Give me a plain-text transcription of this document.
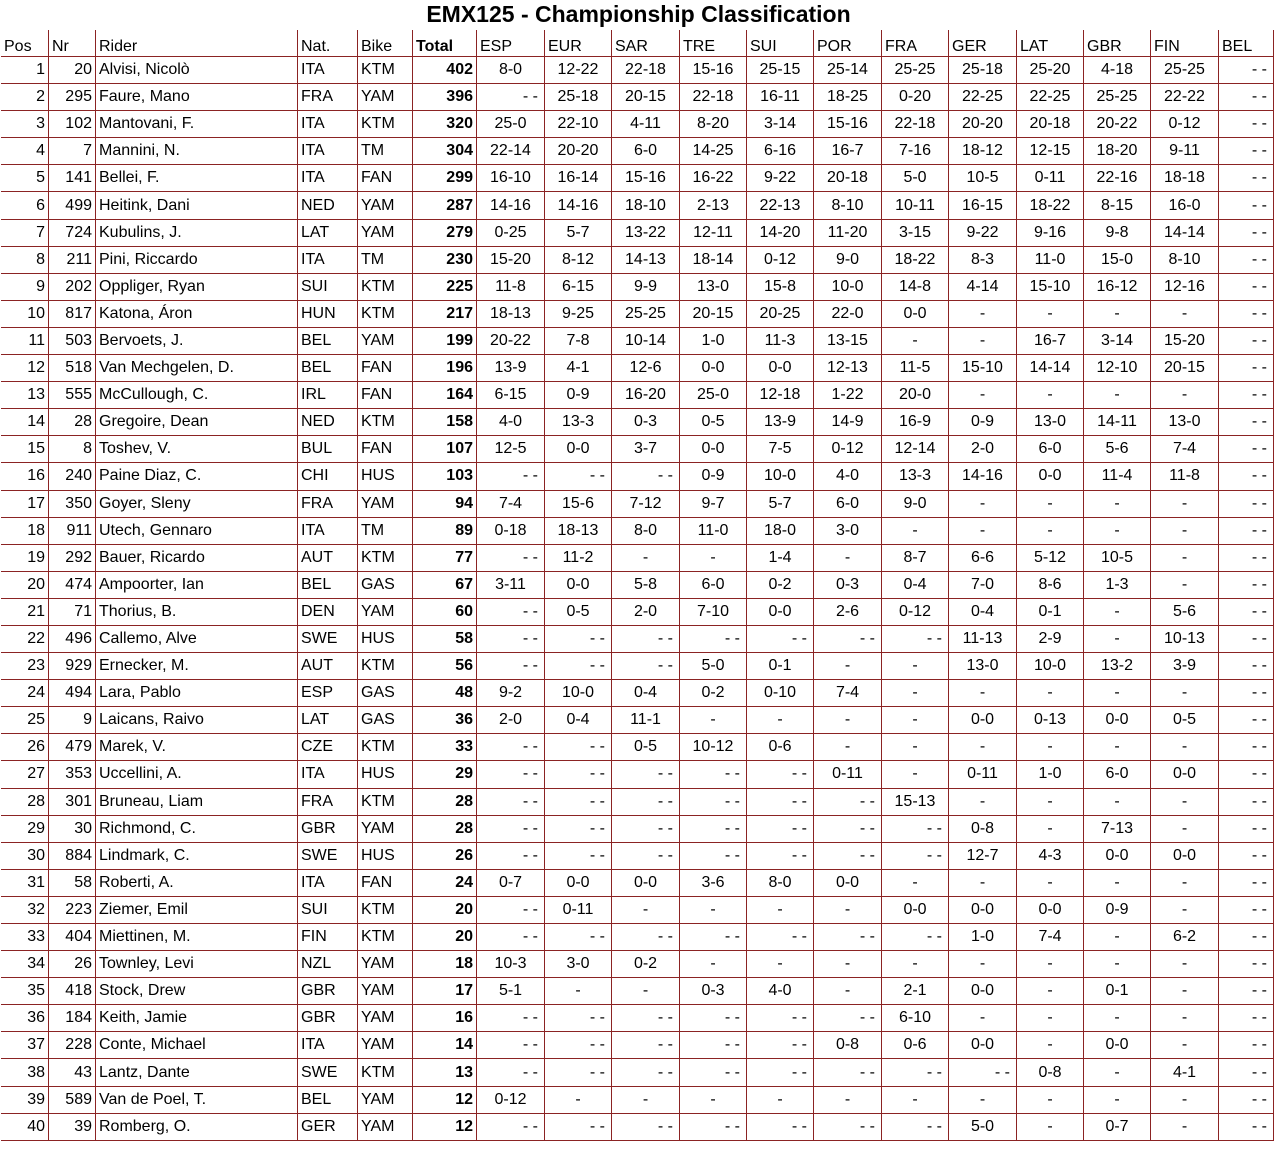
EMX125 - Championship Classification
Pos	Nr	Rider	Nat.	Bike	Total	ESP	EUR	SAR	TRE	SUI	POR	FRA	GER	LAT	GBR	FIN	BEL
1	20	Alvisi, Nicolò	ITA	KTM	402	8-0	12-22	22-18	15-16	25-15	25-14	25-25	25-18	25-20	4-18	25-25	- -
2	295	Faure, Mano	FRA	YAM	396	- -	25-18	20-15	22-18	16-11	18-25	0-20	22-25	22-25	25-25	22-22	- -
3	102	Mantovani, F.	ITA	KTM	320	25-0	22-10	4-11	8-20	3-14	15-16	22-18	20-20	20-18	20-22	0-12	- -
4	7	Mannini, N.	ITA	TM	304	22-14	20-20	6-0	14-25	6-16	16-7	7-16	18-12	12-15	18-20	9-11	- -
5	141	Bellei, F.	ITA	FAN	299	16-10	16-14	15-16	16-22	9-22	20-18	5-0	10-5	0-11	22-16	18-18	- -
6	499	Heitink, Dani	NED	YAM	287	14-16	14-16	18-10	2-13	22-13	8-10	10-11	16-15	18-22	8-15	16-0	- -
7	724	Kubulins, J.	LAT	YAM	279	0-25	5-7	13-22	12-11	14-20	11-20	3-15	9-22	9-16	9-8	14-14	- -
8	211	Pini, Riccardo	ITA	TM	230	15-20	8-12	14-13	18-14	0-12	9-0	18-22	8-3	11-0	15-0	8-10	- -
9	202	Oppliger, Ryan	SUI	KTM	225	11-8	6-15	9-9	13-0	15-8	10-0	14-8	4-14	15-10	16-12	12-16	- -
10	817	Katona, Áron	HUN	KTM	217	18-13	9-25	25-25	20-15	20-25	22-0	0-0	-	-	-	-	- -
11	503	Bervoets, J.	BEL	YAM	199	20-22	7-8	10-14	1-0	11-3	13-15	-	-	16-7	3-14	15-20	- -
12	518	Van Mechgelen, D.	BEL	FAN	196	13-9	4-1	12-6	0-0	0-0	12-13	11-5	15-10	14-14	12-10	20-15	- -
13	555	McCullough, C.	IRL	FAN	164	6-15	0-9	16-20	25-0	12-18	1-22	20-0	-	-	-	-	- -
14	28	Gregoire, Dean	NED	KTM	158	4-0	13-3	0-3	0-5	13-9	14-9	16-9	0-9	13-0	14-11	13-0	- -
15	8	Toshev, V.	BUL	FAN	107	12-5	0-0	3-7	0-0	7-5	0-12	12-14	2-0	6-0	5-6	7-4	- -
16	240	Paine Diaz, C.	CHI	HUS	103	- -	- -	- -	0-9	10-0	4-0	13-3	14-16	0-0	11-4	11-8	- -
17	350	Goyer, Sleny	FRA	YAM	94	7-4	15-6	7-12	9-7	5-7	6-0	9-0	-	-	-	-	- -
18	911	Utech, Gennaro	ITA	TM	89	0-18	18-13	8-0	11-0	18-0	3-0	-	-	-	-	-	- -
19	292	Bauer, Ricardo	AUT	KTM	77	- -	11-2	-	-	1-4	-	8-7	6-6	5-12	10-5	-	- -
20	474	Ampoorter, Ian	BEL	GAS	67	3-11	0-0	5-8	6-0	0-2	0-3	0-4	7-0	8-6	1-3	-	- -
21	71	Thorius, B.	DEN	YAM	60	- -	0-5	2-0	7-10	0-0	2-6	0-12	0-4	0-1	-	5-6	- -
22	496	Callemo, Alve	SWE	HUS	58	- -	- -	- -	- -	- -	- -	- -	11-13	2-9	-	10-13	- -
23	929	Ernecker, M.	AUT	KTM	56	- -	- -	- -	5-0	0-1	-	-	13-0	10-0	13-2	3-9	- -
24	494	Lara, Pablo	ESP	GAS	48	9-2	10-0	0-4	0-2	0-10	7-4	-	-	-	-	-	- -
25	9	Laicans, Raivo	LAT	GAS	36	2-0	0-4	11-1	-	-	-	-	0-0	0-13	0-0	0-5	- -
26	479	Marek, V.	CZE	KTM	33	- -	- -	0-5	10-12	0-6	-	-	-	-	-	-	- -
27	353	Uccellini, A.	ITA	HUS	29	- -	- -	- -	- -	- -	0-11	-	0-11	1-0	6-0	0-0	- -
28	301	Bruneau, Liam	FRA	KTM	28	- -	- -	- -	- -	- -	- -	15-13	-	-	-	-	- -
29	30	Richmond, C.	GBR	YAM	28	- -	- -	- -	- -	- -	- -	- -	0-8	-	7-13	-	- -
30	884	Lindmark, C.	SWE	HUS	26	- -	- -	- -	- -	- -	- -	- -	12-7	4-3	0-0	0-0	- -
31	58	Roberti, A.	ITA	FAN	24	0-7	0-0	0-0	3-6	8-0	0-0	-	-	-	-	-	- -
32	223	Ziemer, Emil	SUI	KTM	20	- -	0-11	-	-	-	-	0-0	0-0	0-0	0-9	-	- -
33	404	Miettinen, M.	FIN	KTM	20	- -	- -	- -	- -	- -	- -	- -	1-0	7-4	-	6-2	- -
34	26	Townley, Levi	NZL	YAM	18	10-3	3-0	0-2	-	-	-	-	-	-	-	-	- -
35	418	Stock, Drew	GBR	YAM	17	5-1	-	-	0-3	4-0	-	2-1	0-0	-	0-1	-	- -
36	184	Keith, Jamie	GBR	YAM	16	- -	- -	- -	- -	- -	- -	6-10	-	-	-	-	- -
37	228	Conte, Michael	ITA	YAM	14	- -	- -	- -	- -	- -	0-8	0-6	0-0	-	0-0	-	- -
38	43	Lantz, Dante	SWE	KTM	13	- -	- -	- -	- -	- -	- -	- -	- -	0-8	-	4-1	- -
39	589	Van de Poel, T.	BEL	YAM	12	0-12	-	-	-	-	-	-	-	-	-	-	- -
40	39	Romberg, O.	GER	YAM	12	- -	- -	- -	- -	- -	- -	- -	5-0	-	0-7	-	- -
